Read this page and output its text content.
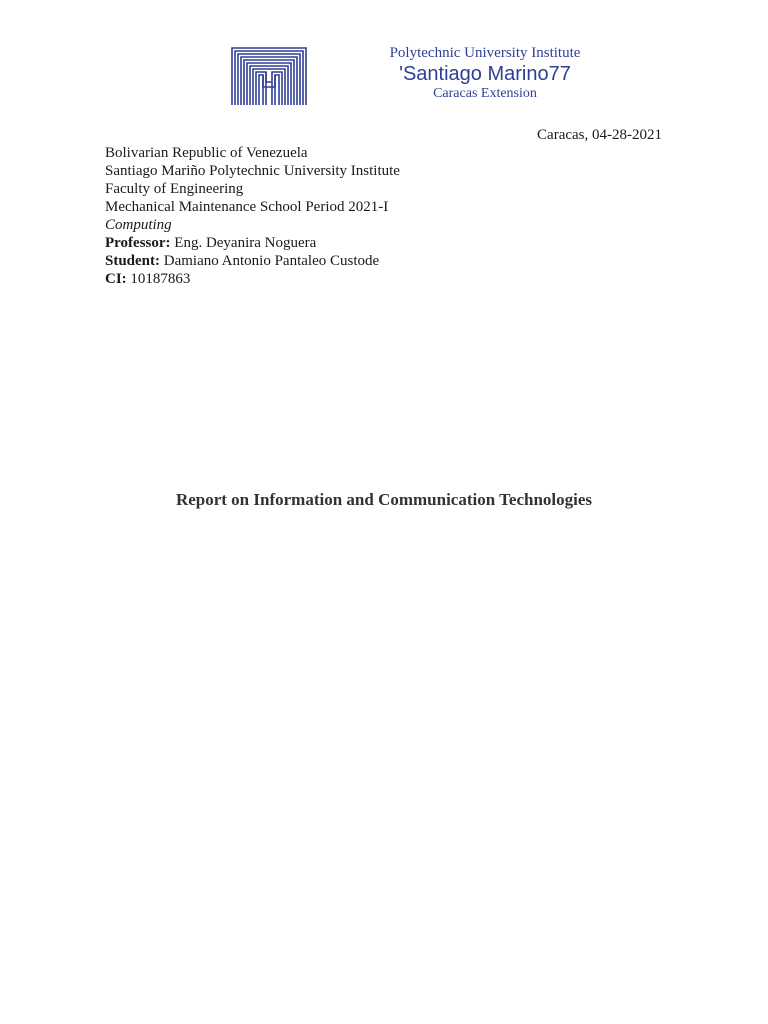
Polytechnic University Institute
'Santiago Marino77
Caracas Extension
Caracas, 04-28-2021
Bolivarian Republic of Venezuela
Santiago Mariño Polytechnic University Institute
Faculty of Engineering
Mechanical Maintenance School Period 2021-I
Computing
Professor: Eng. Deyanira Noguera
Student: Damiano Antonio Pantaleo Custode
CI: 10187863
Report on Information and Communication Technologies
